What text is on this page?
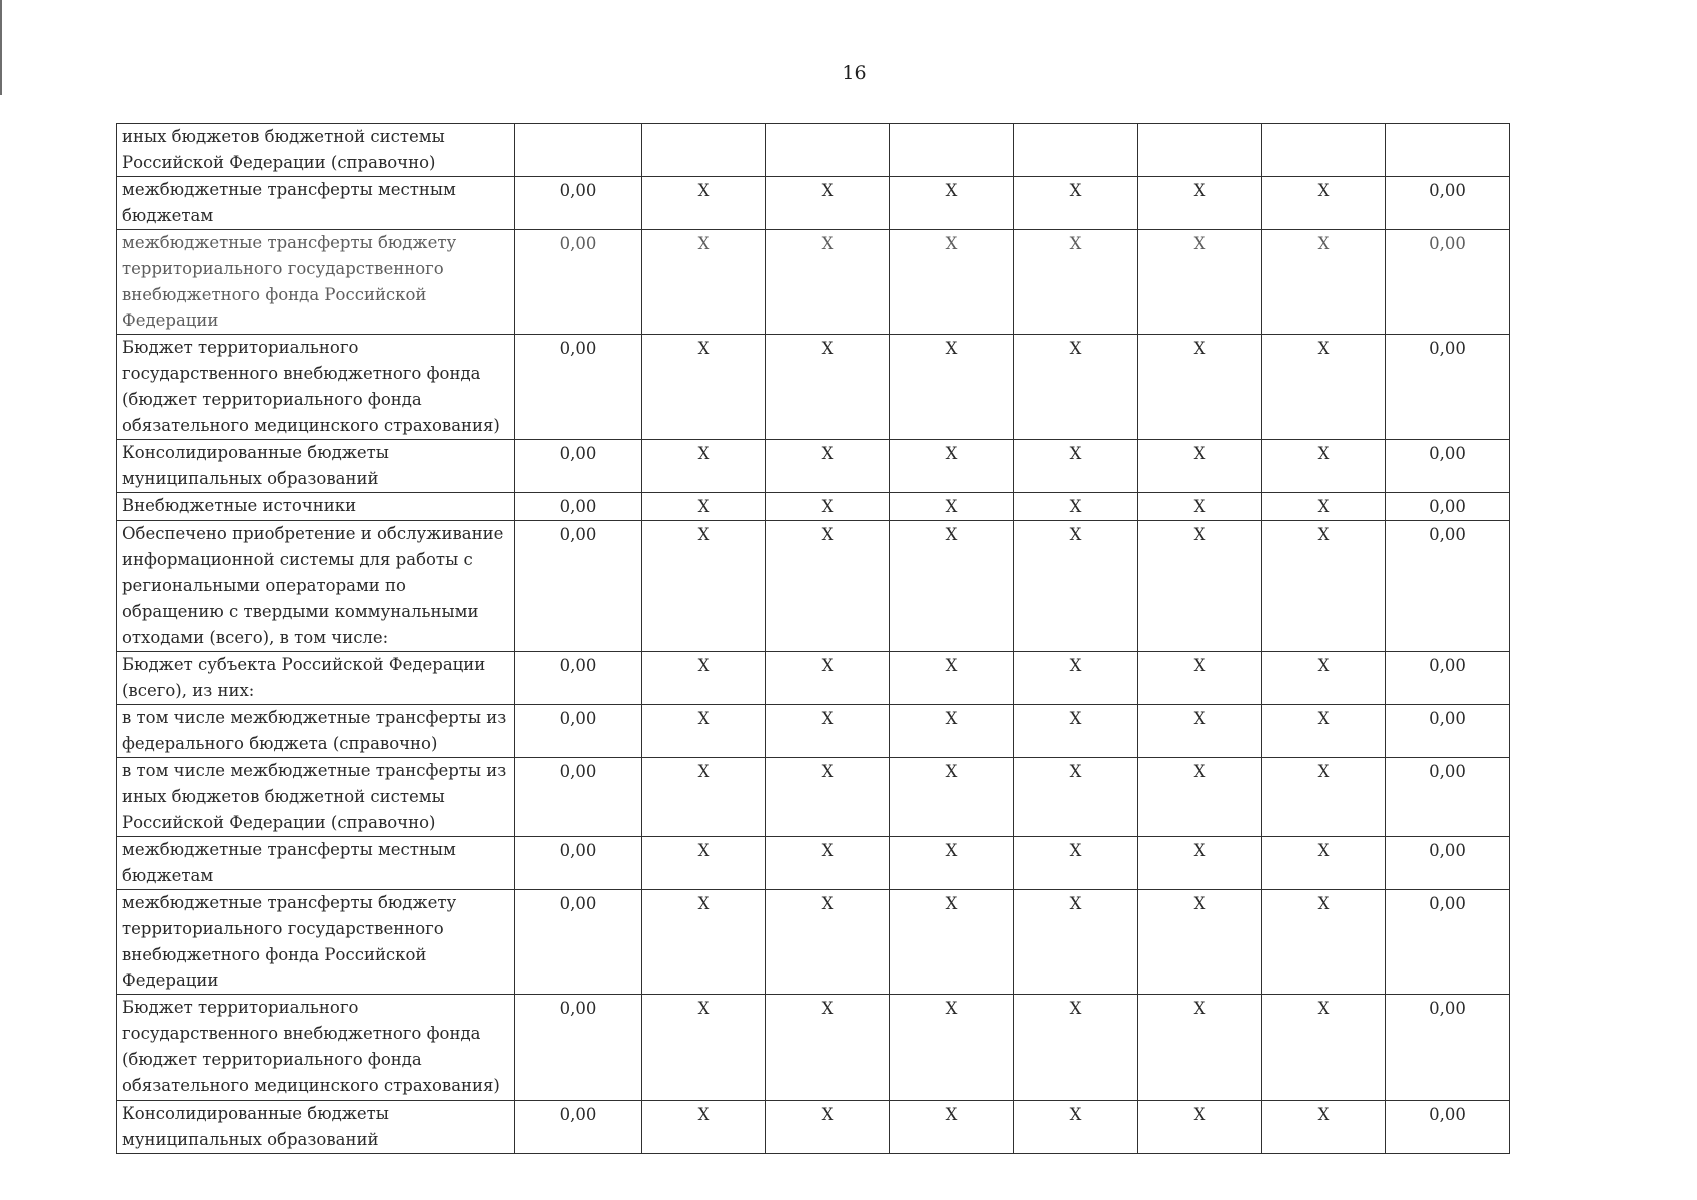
16
иных бюджетов бюджетной системы Российской Федерации (справочно)								
межбюджетные трансферты местным бюджетам	0,00	X	X	X	X	X	X	0,00
межбюджетные трансферты бюджету территориального государственного внебюджетного фонда Российской Федерации	0,00	X	X	X	X	X	X	0,00
Бюджет территориального государственного внебюджетного фонда (бюджет территориального фонда обязательного медицинского страхования)	0,00	X	X	X	X	X	X	0,00
Консолидированные бюджеты муниципальных образований	0,00	X	X	X	X	X	X	0,00
Внебюджетные источники	0,00	X	X	X	X	X	X	0,00
Обеспечено приобретение и обслуживание информационной системы для работы с региональными операторами по обращению с твердыми коммунальными отходами (всего), в том числе:	0,00	X	X	X	X	X	X	0,00
Бюджет субъекта Российской Федерации (всего), из них:	0,00	X	X	X	X	X	X	0,00
в том числе межбюджетные трансферты из федерального бюджета (справочно)	0,00	X	X	X	X	X	X	0,00
в том числе межбюджетные трансферты из иных бюджетов бюджетной системы Российской Федерации (справочно)	0,00	X	X	X	X	X	X	0,00
межбюджетные трансферты местным бюджетам	0,00	X	X	X	X	X	X	0,00
межбюджетные трансферты бюджету территориального государственного внебюджетного фонда Российской Федерации	0,00	X	X	X	X	X	X	0,00
Бюджет территориального государственного внебюджетного фонда (бюджет территориального фонда обязательного медицинского страхования)	0,00	X	X	X	X	X	X	0,00
Консолидированные бюджеты муниципальных образований	0,00	X	X	X	X	X	X	0,00
